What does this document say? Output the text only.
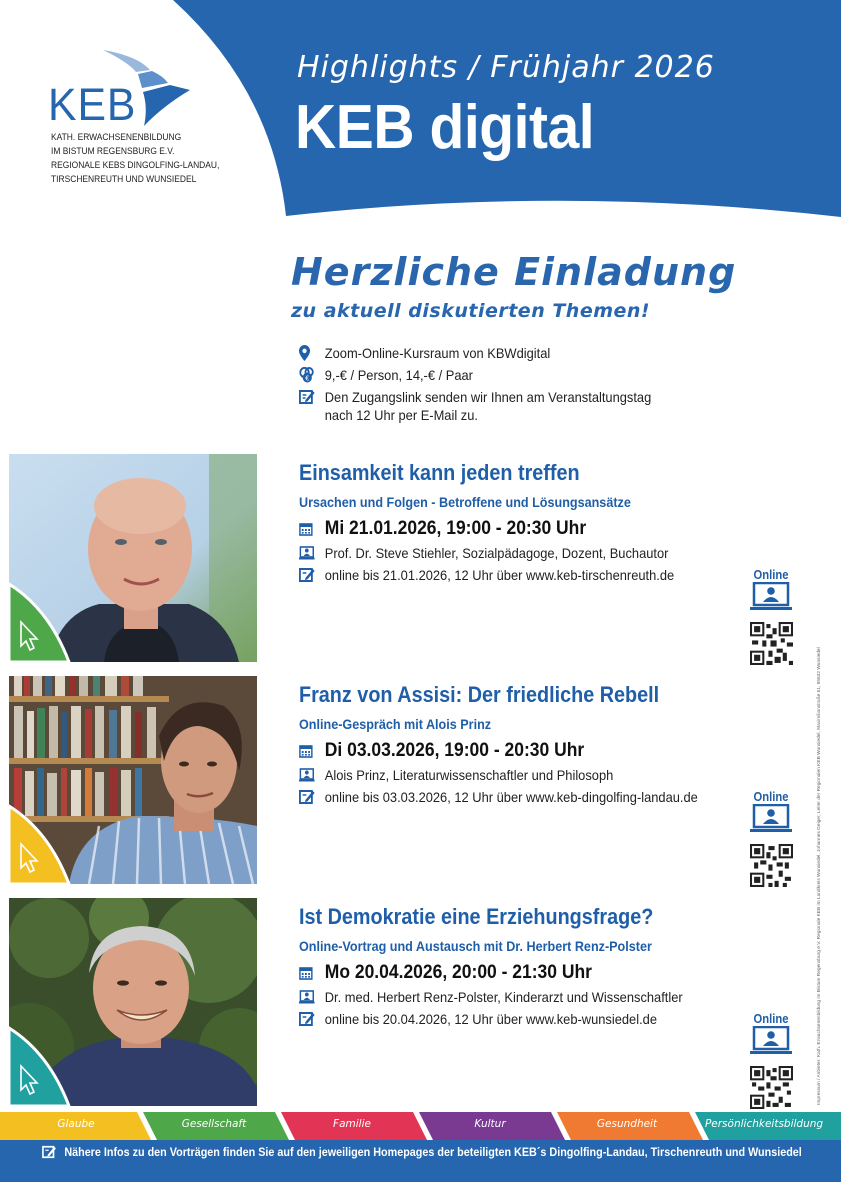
KEB
KATH. ERWACHSENENBILDUNG
IM BISTUM REGENSBURG E.V.
REGIONALE KEBS DINGOLFING-LANDAU,
TIRSCHENREUTH UND WUNSIEDEL
Highlights / Frühjahr 2026
KEB digital
Herzliche Einladung
zu aktuell diskutierten Themen!
Zoom-Online-Kursraum von KBWdigital
€ 9,-€ / Person, 14,-€ / Paar
Den Zugangslink senden wir Ihnen am Veranstaltungstag
nach 12 Uhr per E-Mail zu.
Einsamkeit kann jeden treffen
Ursachen und Folgen - Betroffene und Lösungsansätze
Mi 21.01.2026, 19:00 - 20:30 Uhr
Prof. Dr. Steve Stiehler, Sozialpädagoge, Dozent, Buchautor
online bis 21.01.2026, 12 Uhr über www.keb-tirschenreuth.de	Online
Franz von Assisi: Der friedliche Rebell
Online-Gespräch mit Alois Prinz
Di 03.03.2026, 19:00 - 20:30 Uhr
Alois Prinz, Literaturwissenschaftler und Philosoph
online bis 03.03.2026, 12 Uhr über www.keb-dingolfing-landau.de	Online
Ist Demokratie eine Erziehungsfrage?
Online-Vortrag und Austausch mit Dr. Herbert Renz-Polster
Mo 20.04.2026, 20:00 - 21:30 Uhr
Dr. med. Herbert Renz-Polster, Kinderarzt und Wissenschaftler
online bis 20.04.2026, 12 Uhr über www.keb-wunsiedel.de	Online	Impressum / Anbieter: Kath. Erwachsenenbildung im Bistum Regensburg e.V. Regionale KEB im Landkreis Wunsiedel, Johannes Geiger, Leiter der Regionalen KEB Wunsiedel, Maximilianstraße 51, 95632 Wunsiedel
Glaube	Gesellschaft	Familie	Kultur	Gesundheit	Persönlichkeitsbildung
Nähere Infos zu den Vorträgen finden Sie auf den jeweiligen Homepages der beteiligten KEB´s Dingolfing-Landau, Tirschenreuth und Wunsiedel
